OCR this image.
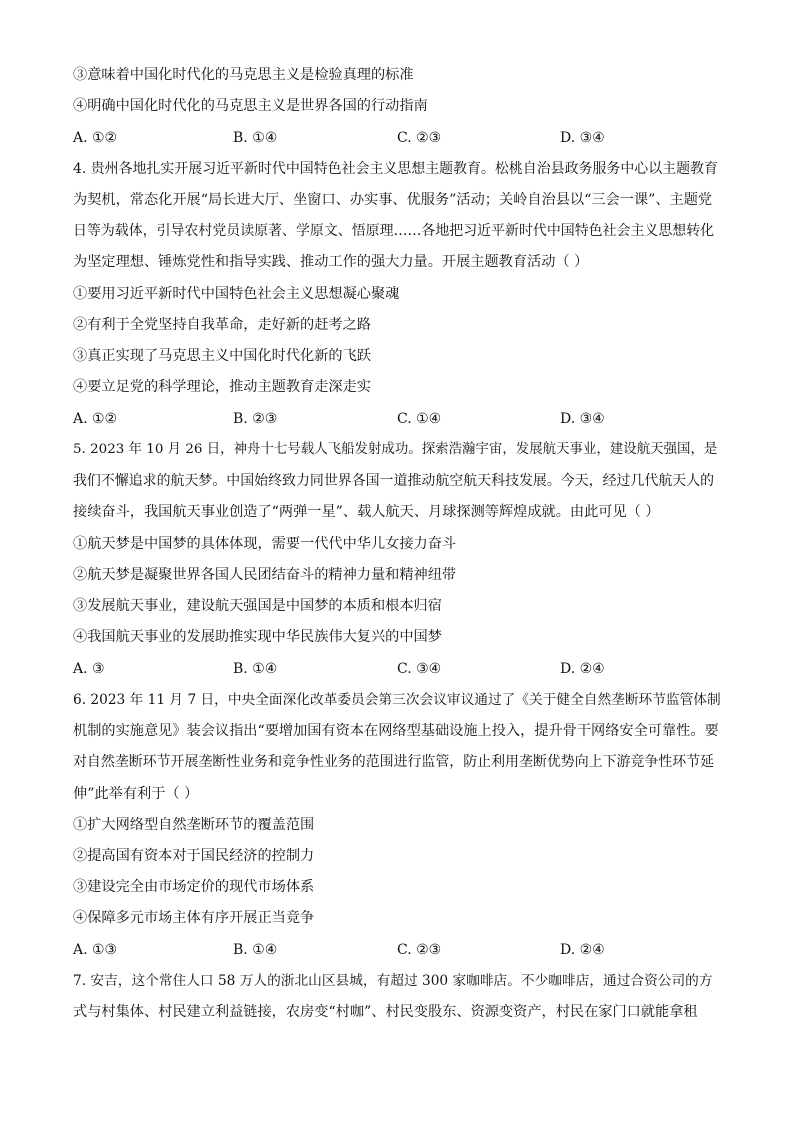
③意味着中国化时代化的马克思主义是检验真理的标准
④明确中国化时代化的马克思主义是世界各国的行动指南
A. ①②	B. ①④	C. ②③	D. ③④
4. 贵州各地扎实开展习近平新时代中国特色社会主义思想主题教育。松桃自治县政务服务中心以主题教育
为契机，常态化开展“局长进大厅、坐窗口、办实事、优服务”活动；关岭自治县以“三会一课”、主题党
日等为载体，引导农村党员读原著、学原文、悟原理……各地把习近平新时代中国特色社会主义思想转化
为坚定理想、锤炼党性和指导实践、推动工作的强大力量。开展主题教育活动（ ）
①要用习近平新时代中国特色社会主义思想凝心聚魂
②有利于全党坚持自我革命，走好新的赶考之路
③真正实现了马克思主义中国化时代化新的飞跃
④要立足党的科学理论，推动主题教育走深走实
A. ①②	B. ②③	C. ①④	D. ③④
5. 2023 年 10 月 26 日，神舟十七号载人飞船发射成功。探索浩瀚宇宙，发展航天事业，建设航天强国，是
我们不懈追求的航天梦。中国始终致力同世界各国一道推动航空航天科技发展。今天，经过几代航天人的
接续奋斗，我国航天事业创造了“两弹一星”、载人航天、月球探测等辉煌成就。由此可见（ ）
①航天梦是中国梦的具体体现，需要一代代中华儿女接力奋斗
②航天梦是凝聚世界各国人民团结奋斗的精神力量和精神纽带
③发展航天事业，建设航天强国是中国梦的本质和根本归宿
④我国航天事业的发展助推实现中华民族伟大复兴的中国梦
A. ③	B. ①④	C. ③④	D. ②④
6. 2023 年 11 月 7 日，中央全面深化改革委员会第三次会议审议通过了《关于健全自然垄断环节监管体制
机制的实施意见》装会议指出“要增加国有资本在网络型基础设施上投入，提升骨干网络安全可靠性。要
对自然垄断环节开展垄断性业务和竞争性业务的范围进行监管，防止利用垄断优势向上下游竞争性环节延
伸”此举有利于（ ）
①扩大网络型自然垄断环节的覆盖范围
②提高国有资本对于国民经济的控制力
③建设完全由市场定价的现代市场体系
④保障多元市场主体有序开展正当竞争
A. ①③	B. ①④	C. ②③	D. ②④
7. 安吉，这个常住人口 58 万人的浙北山区县城，有超过 300 家咖啡店。不少咖啡店，通过合资公司的方
式与村集体、村民建立利益链接，农房变“村咖”、村民变股东、资源变资产，村民在家门口就能拿租
